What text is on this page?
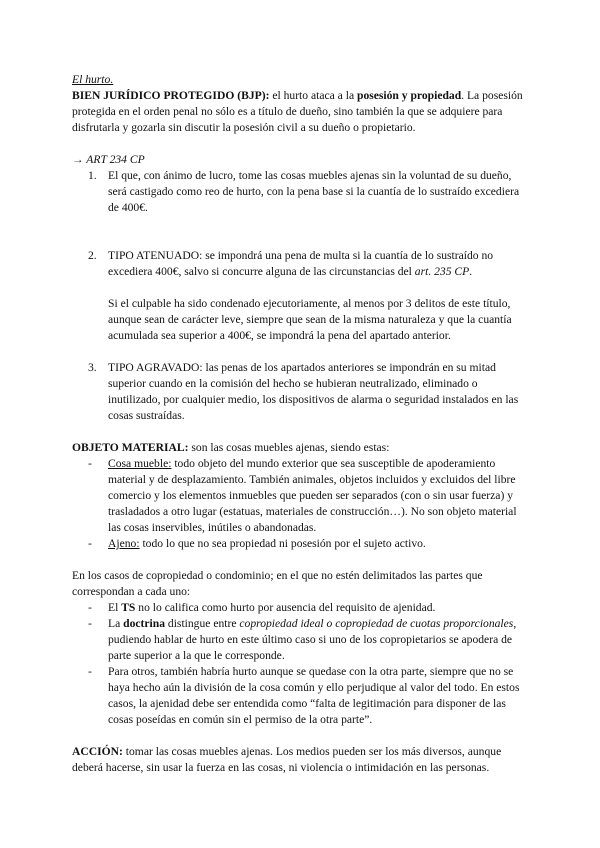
El hurto.

BIEN JURÍDICO PROTEGIDO (BJP): el hurto ataca a la posesión y propiedad. La posesión protegida en el orden penal no sólo es a título de dueño, sino también la que se adquiere para disfrutarla y gozarla sin discutir la posesión civil a su dueño o propietario.

→ ART 234 CP

1. El que, con ánimo de lucro, tome las cosas muebles ajenas sin la voluntad de su dueño, será castigado como reo de hurto, con la pena base si la cuantía de lo sustraído excediera de 400€.
2. TIPO ATENUADO: se impondrá una pena de multa si la cuantía de lo sustraído no excediera 400€, salvo si concurre alguna de las circunstancias del art. 235 CP.
Si el culpable ha sido condenado ejecutoriamente, al menos por 3 delitos de este título, aunque sean de carácter leve, siempre que sean de la misma naturaleza y que la cuantía acumulada sea superior a 400€, se impondrá la pena del apartado anterior.
3. TIPO AGRAVADO: las penas de los apartados anteriores se impondrán en su mitad superior cuando en la comisión del hecho se hubieran neutralizado, eliminado o inutilizado, por cualquier medio, los dispositivos de alarma o seguridad instalados en las cosas sustraídas.

OBJETO MATERIAL: son las cosas muebles ajenas, siendo estas:

- Cosa mueble: todo objeto del mundo exterior que sea susceptible de apoderamiento material y de desplazamiento. También animales, objetos incluidos y excluidos del libre comercio y los elementos inmuebles que pueden ser separados (con o sin usar fuerza) y trasladados a otro lugar (estatuas, materiales de construcción…). No son objeto material las cosas inservibles, inútiles o abandonadas.
- Ajeno: todo lo que no sea propiedad ni posesión por el sujeto activo.

En los casos de copropiedad o condominio; en el que no estén delimitados las partes que correspondan a cada uno:

- El TS no lo califica como hurto por ausencia del requisito de ajenidad.
- La doctrina distingue entre copropiedad ideal o copropiedad de cuotas proporcionales, pudiendo hablar de hurto en este último caso si uno de los copropietarios se apodera de parte superior a la que le corresponde.
- Para otros, también habría hurto aunque se quedase con la otra parte, siempre que no se haya hecho aún la división de la cosa común y ello perjudique al valor del todo. En estos casos, la ajenidad debe ser entendida como “falta de legitimación para disponer de las cosas poseídas en común sin el permiso de la otra parte”.

ACCIÓN: tomar las cosas muebles ajenas. Los medios pueden ser los más diversos, aunque deberá hacerse, sin usar la fuerza en las cosas, ni violencia o intimidación en las personas.
